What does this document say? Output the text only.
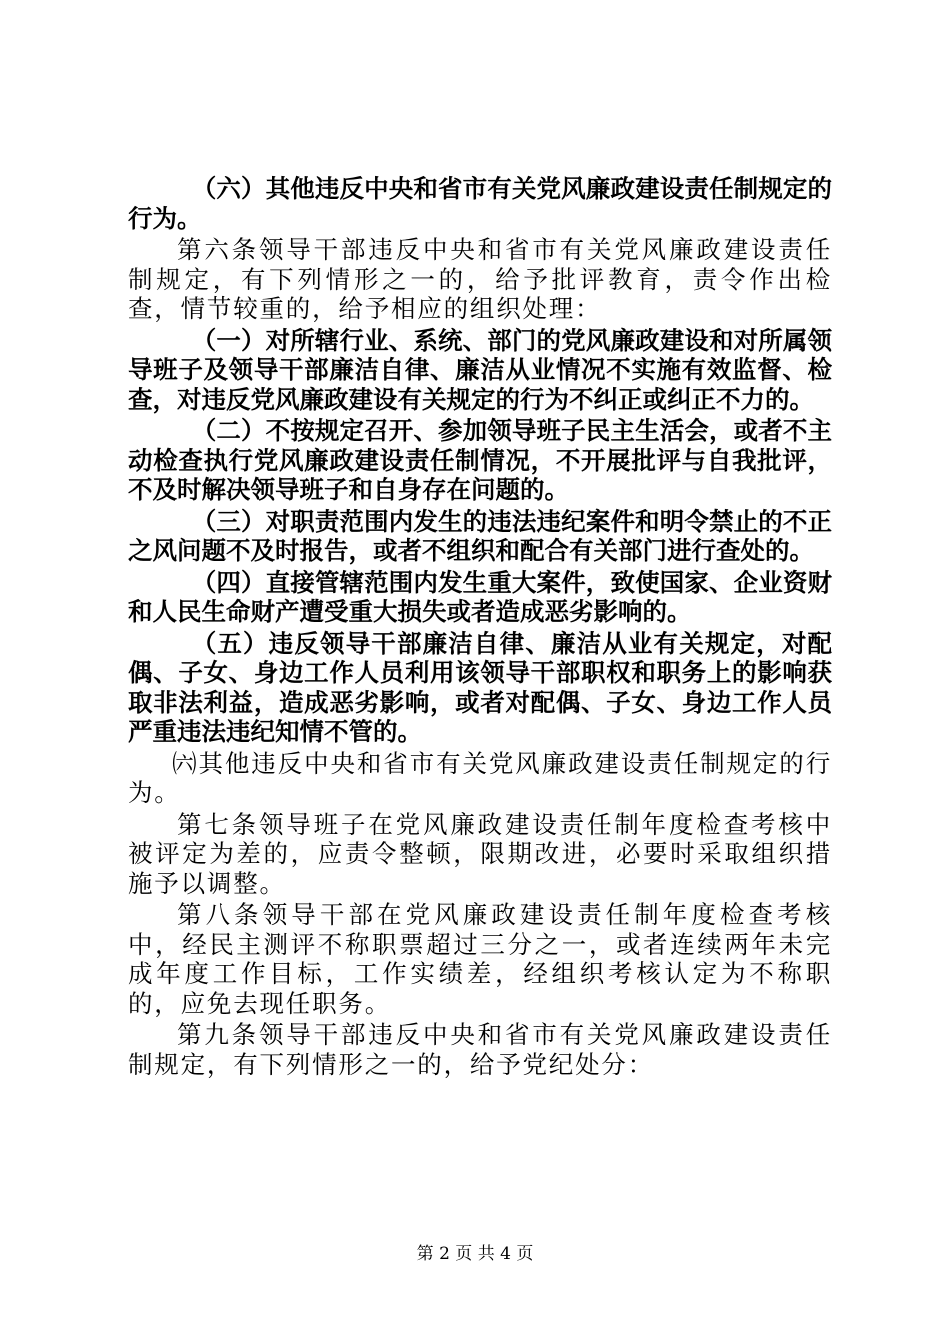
（六）其他违反中央和省市有关党风廉政建设责任制规定的行为。

第六条领导干部违反中央和省市有关党风廉政建设责任制规定，有下列情形之一的，给予批评教育，责令作出检查，情节较重的，给予相应的组织处理：

（一）对所辖行业、系统、部门的党风廉政建设和对所属领导班子及领导干部廉洁自律、廉洁从业情况不实施有效监督、检查，对违反党风廉政建设有关规定的行为不纠正或纠正不力的。

（二）不按规定召开、参加领导班子民主生活会，或者不主动检查执行党风廉政建设责任制情况，不开展批评与自我批评，不及时解决领导班子和自身存在问题的。

（三）对职责范围内发生的违法违纪案件和明令禁止的不正之风问题不及时报告，或者不组织和配合有关部门进行查处的。

（四）直接管辖范围内发生重大案件，致使国家、企业资财和人民生命财产遭受重大损失或者造成恶劣影响的。

（五）违反领导干部廉洁自律、廉洁从业有关规定，对配偶、子女、身边工作人员利用该领导干部职权和职务上的影响获取非法利益，造成恶劣影响，或者对配偶、子女、身边工作人员严重违法违纪知情不管的。

㈥其他违反中央和省市有关党风廉政建设责任制规定的行为。

第七条领导班子在党风廉政建设责任制年度检查考核中被评定为差的，应责令整顿，限期改进，必要时采取组织措施予以调整。

第八条领导干部在党风廉政建设责任制年度检查考核中，经民主测评不称职票超过三分之一，或者连续两年未完成年度工作目标，工作实绩差，经组织考核认定为不称职的，应免去现任职务。

第九条领导干部违反中央和省市有关党风廉政建设责任制规定，有下列情形之一的，给予党纪处分：

第 2 页 共 4 页
